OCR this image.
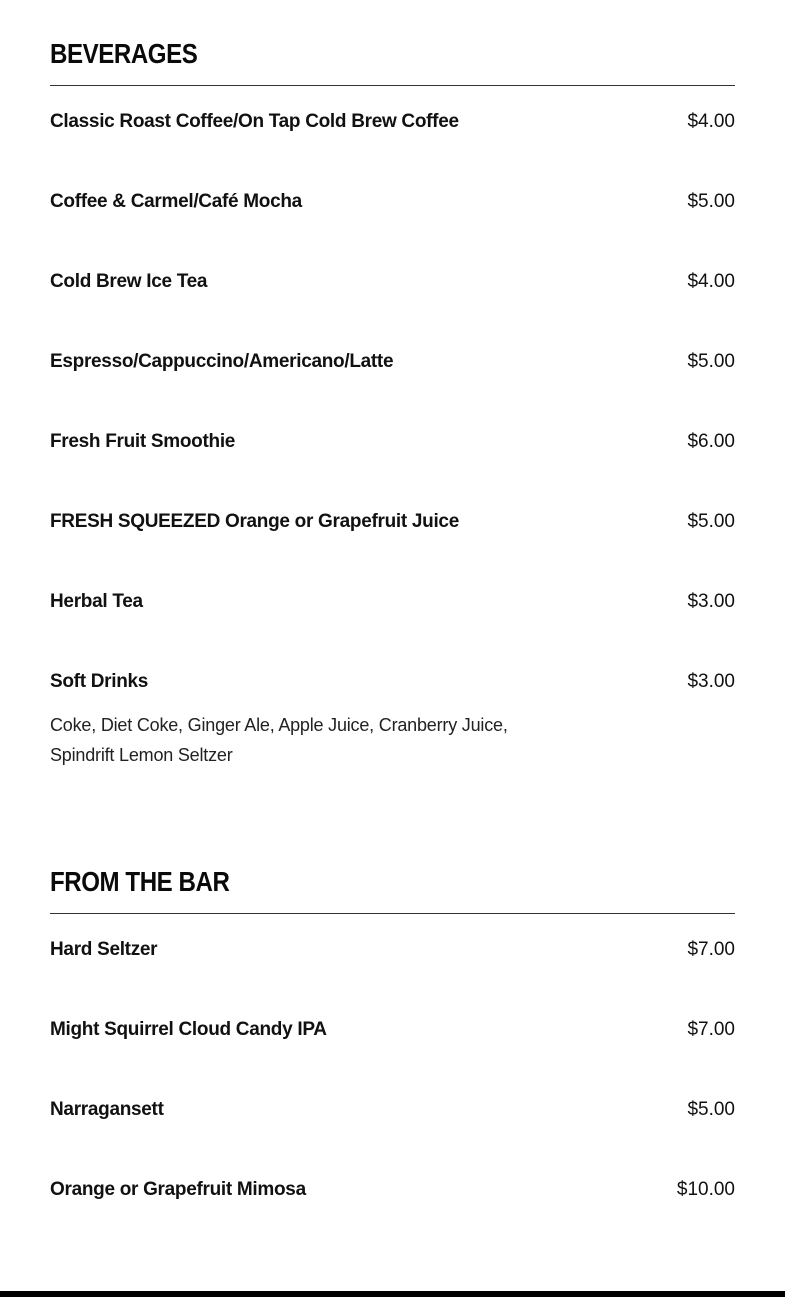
BEVERAGES
Classic Roast Coffee/On Tap Cold Brew Coffee	$4.00
Coffee & Carmel/Café Mocha	$5.00
Cold Brew Ice Tea	$4.00
Espresso/Cappuccino/Americano/Latte	$5.00
Fresh Fruit Smoothie	$6.00
FRESH SQUEEZED Orange or Grapefruit Juice	$5.00
Herbal Tea	$3.00
Soft Drinks	$3.00
Coke, Diet Coke, Ginger Ale, Apple Juice, Cranberry Juice, Spindrift Lemon Seltzer
FROM THE BAR
Hard Seltzer	$7.00
Might Squirrel Cloud Candy IPA	$7.00
Narragansett	$5.00
Orange or Grapefruit Mimosa	$10.00
